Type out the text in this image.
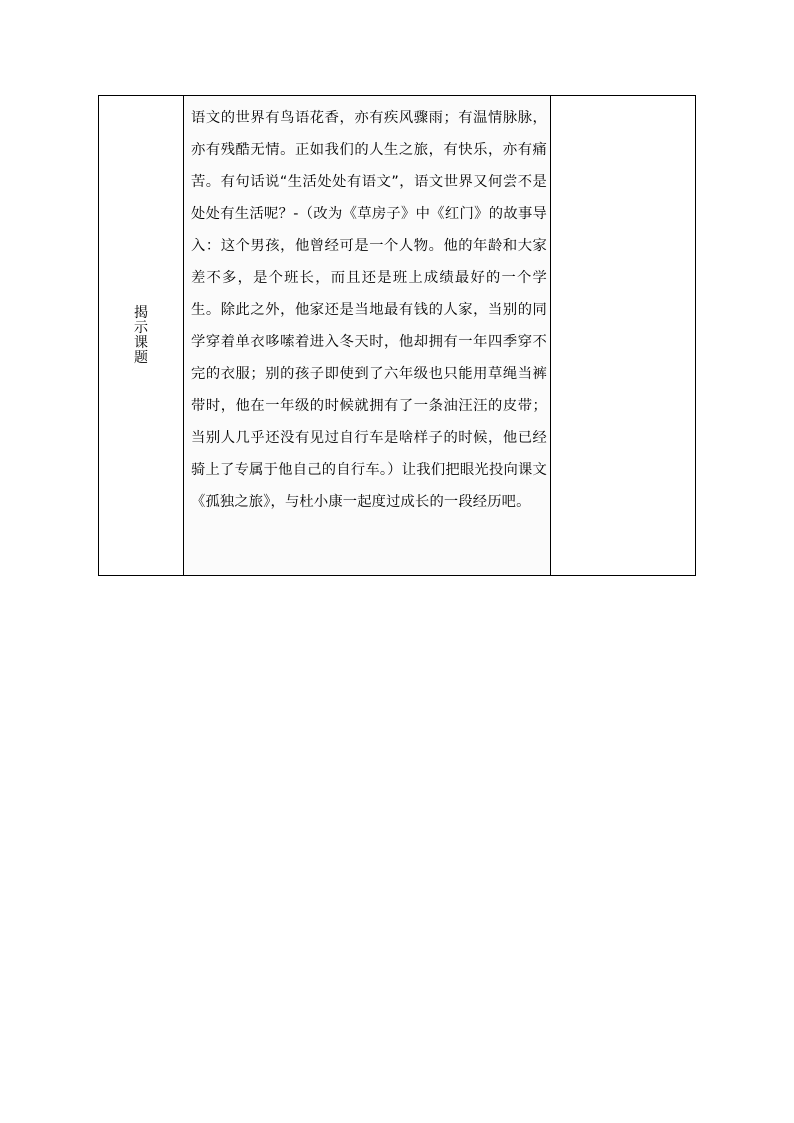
揭示课题	

语文的世界有鸟语花香，亦有疾风骤雨；有温情脉脉，亦有残酷无情。正如我们的人生之旅，有快乐，亦有痛苦。有句话说“生活处处有语文”，语文世界又何尝不是处处有生活呢？-（改为《草房子》中《红门》的故事导入：这个男孩，他曾经可是一个人物。他的年龄和大家差不多，是个班长，而且还是班上成绩最好的一个学生。除此之外，他家还是当地最有钱的人家，当别的同学穿着单衣哆嗦着进入冬天时，他却拥有一年四季穿不完的衣服；别的孩子即使到了六年级也只能用草绳当裤带时，他在一年级的时候就拥有了一条油汪汪的皮带；当别人几乎还没有见过自行车是啥样子的时候，他已经骑上了专属于他自己的自行车。）让我们把眼光投向课文《孤独之旅》，与杜小康一起度过成长的一段经历吧。
